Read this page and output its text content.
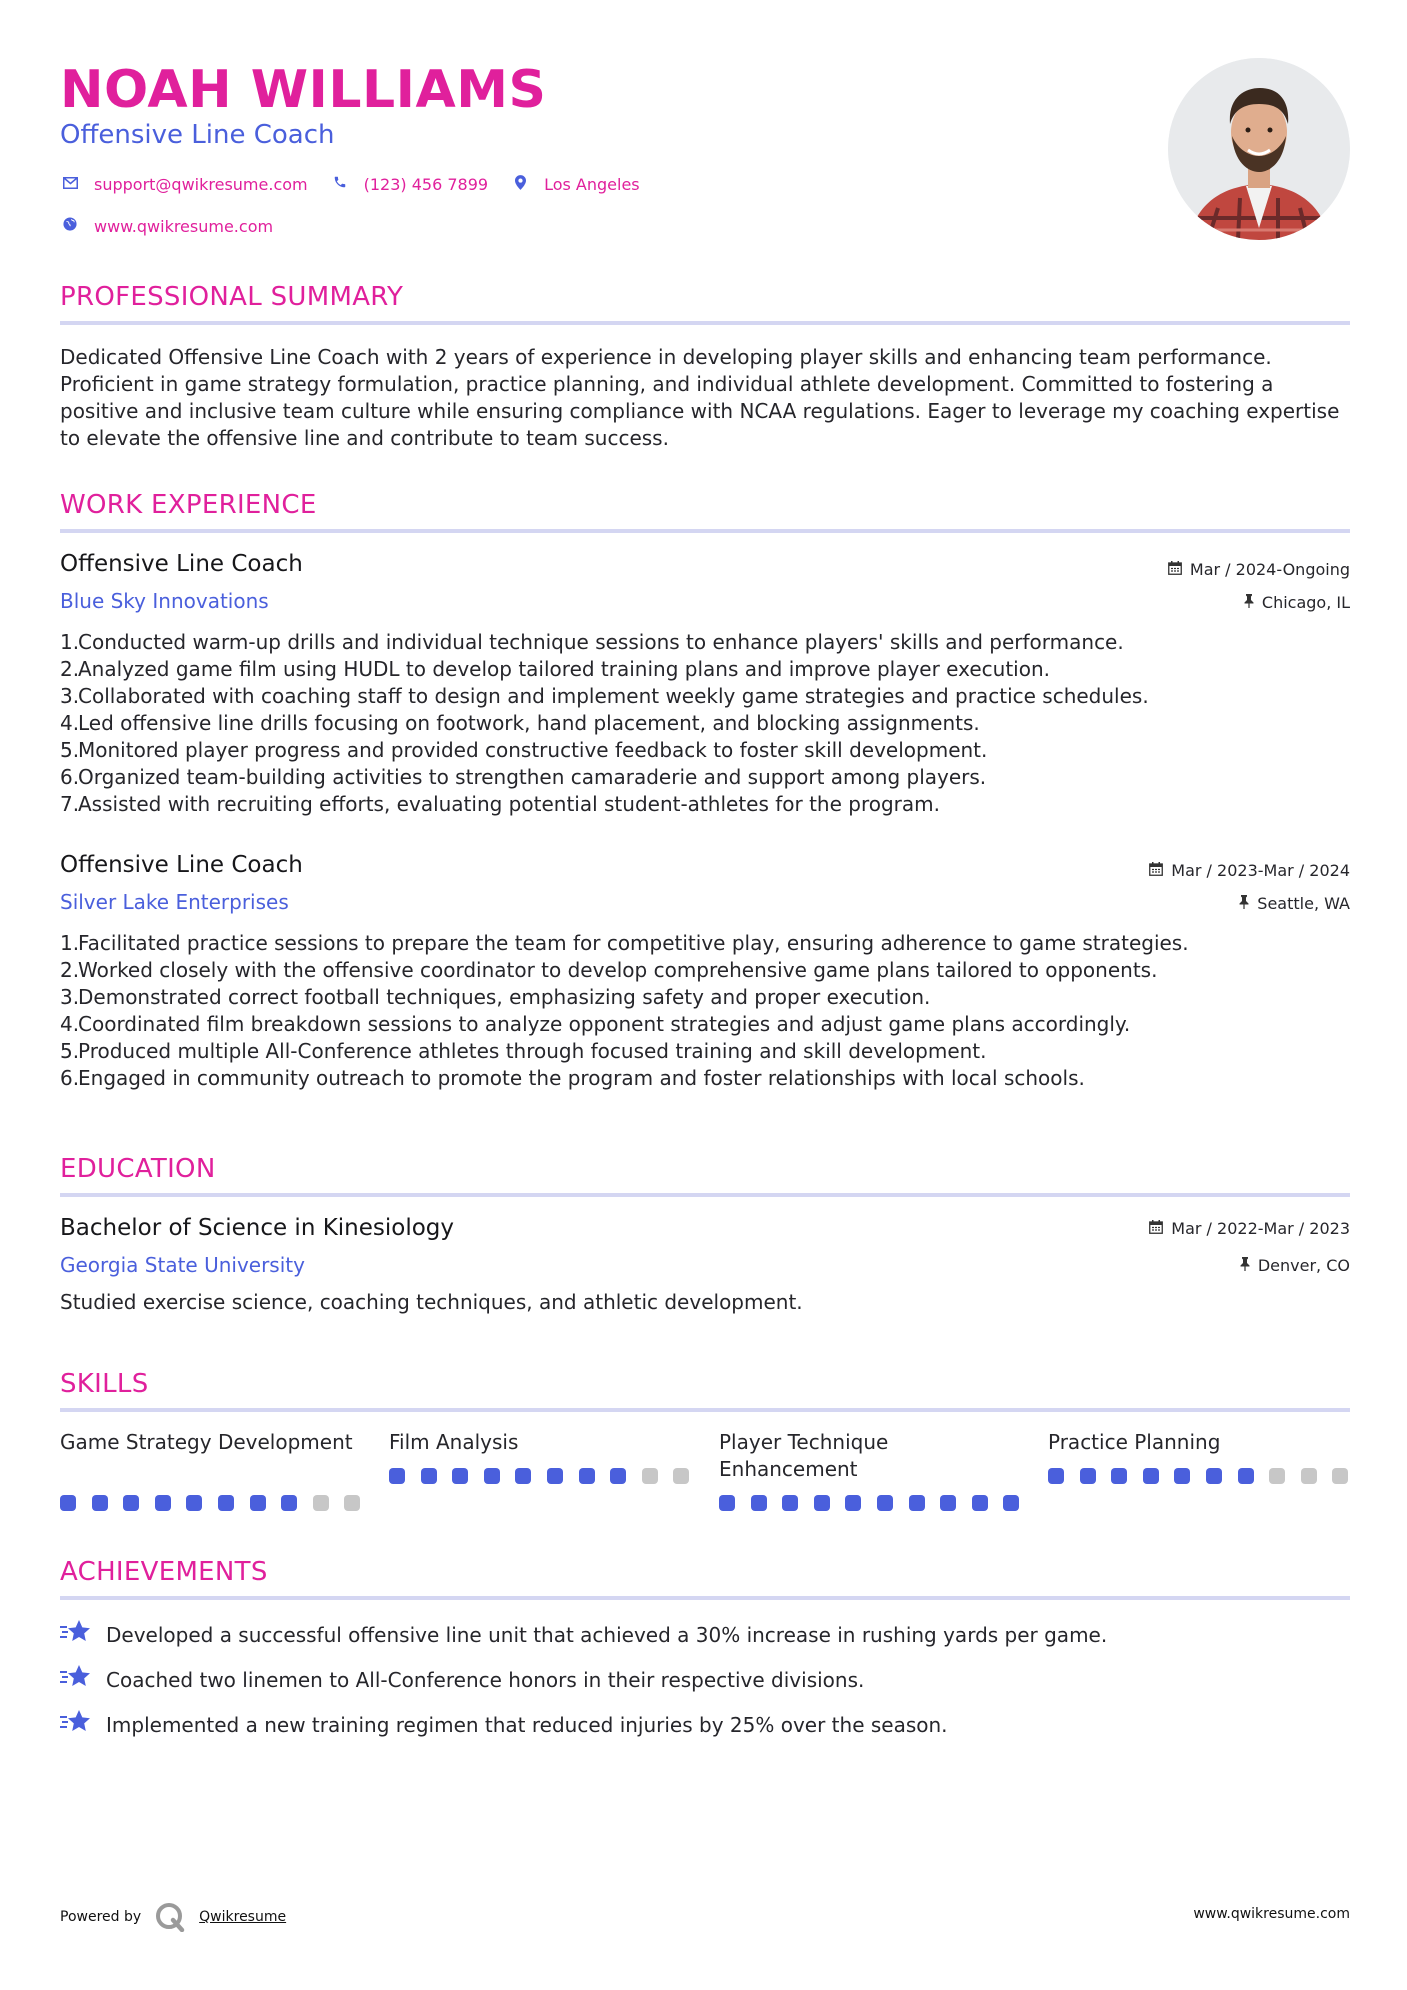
NOAH WILLIAMS
Offensive Line Coach
support@qwikresume.com	(123) 456 7899	Los Angeles
www.qwikresume.com
PROFESSIONAL SUMMARY
Dedicated Offensive Line Coach with 2 years of experience in developing player skills and enhancing team performance. Proficient in game strategy formulation, practice planning, and individual athlete development. Committed to fostering a positive and inclusive team culture while ensuring compliance with NCAA regulations. Eager to leverage my coaching expertise to elevate the offensive line and contribute to team success.
WORK EXPERIENCE
Offensive Line Coach	Mar / 2024-Ongoing
Blue Sky Innovations	Chicago, IL
1.Conducted warm-up drills and individual technique sessions to enhance players' skills and performance.
2.Analyzed game film using HUDL to develop tailored training plans and improve player execution.
3.Collaborated with coaching staff to design and implement weekly game strategies and practice schedules.
4.Led offensive line drills focusing on footwork, hand placement, and blocking assignments.
5.Monitored player progress and provided constructive feedback to foster skill development.
6.Organized team-building activities to strengthen camaraderie and support among players.
7.Assisted with recruiting efforts, evaluating potential student-athletes for the program.
Offensive Line Coach	Mar / 2023-Mar / 2024
Silver Lake Enterprises	Seattle, WA
1.Facilitated practice sessions to prepare the team for competitive play, ensuring adherence to game strategies.
2.Worked closely with the offensive coordinator to develop comprehensive game plans tailored to opponents.
3.Demonstrated correct football techniques, emphasizing safety and proper execution.
4.Coordinated film breakdown sessions to analyze opponent strategies and adjust game plans accordingly.
5.Produced multiple All-Conference athletes through focused training and skill development.
6.Engaged in community outreach to promote the program and foster relationships with local schools.
EDUCATION
Bachelor of Science in Kinesiology	Mar / 2022-Mar / 2023
Georgia State University	Denver, CO
Studied exercise science, coaching techniques, and athletic development.
SKILLS
Game Strategy Development	Film Analysis	Player Technique Enhancement
Practice Planning
ACHIEVEMENTS
Developed a successful offensive line unit that achieved a 30% increase in rushing yards per game.
Coached two linemen to All-Conference honors in their respective divisions.
Implemented a new training regimen that reduced injuries by 25% over the season.
Powered by	Qwikresume	www.qwikresume.com
